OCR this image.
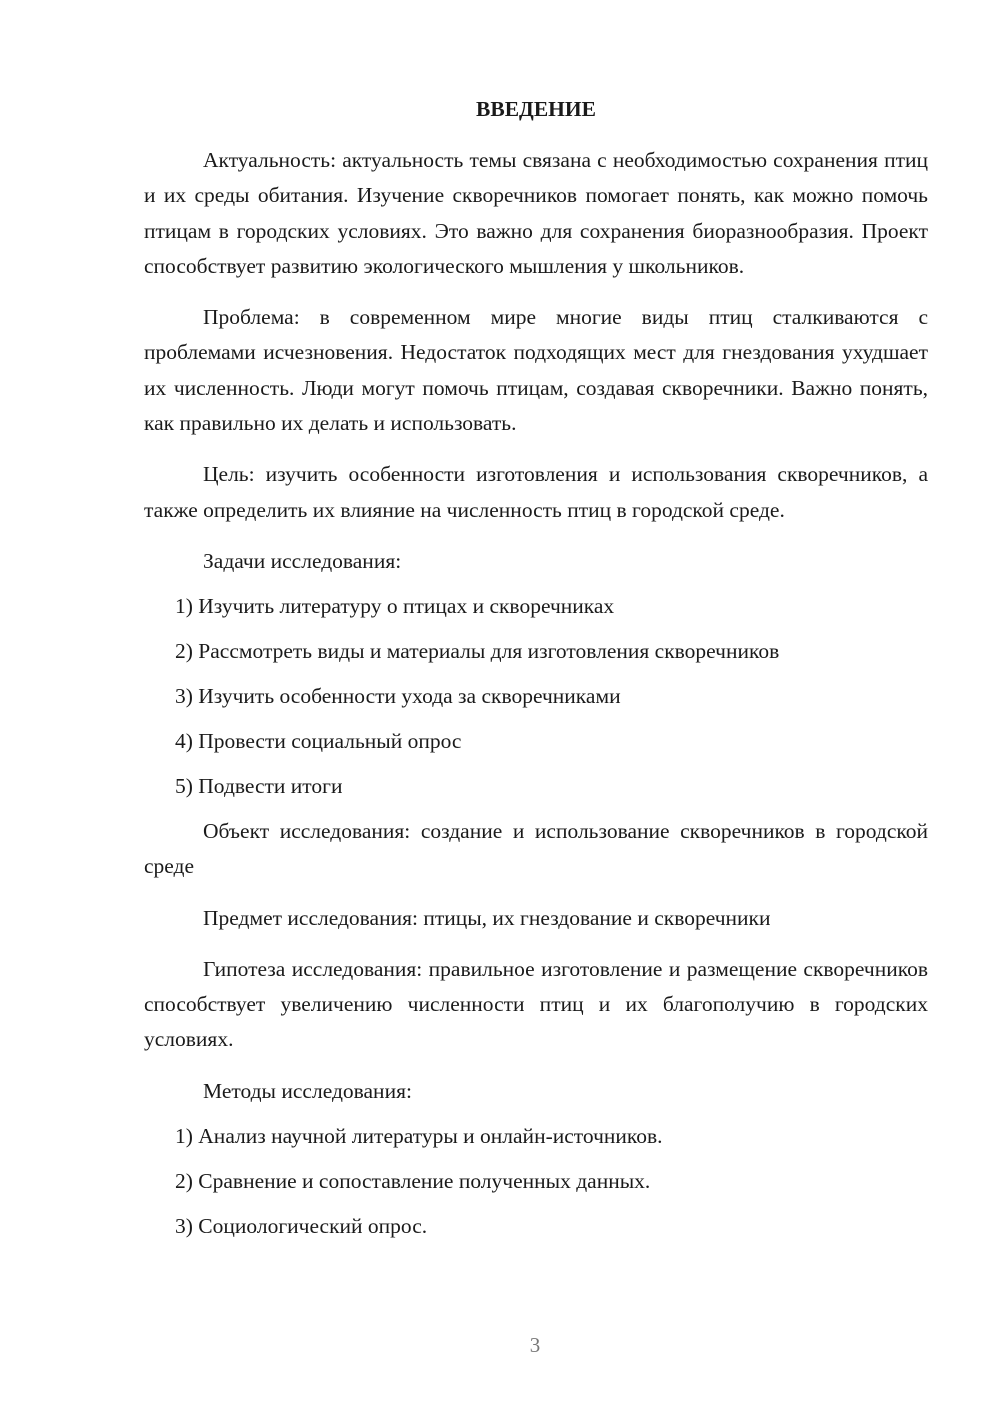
ВВЕДЕНИЕ
Актуальность: актуальность темы связана с необходимостью сохранения птиц и их среды обитания. Изучение скворечников помогает понять, как можно помочь птицам в городских условиях. Это важно для сохранения биоразнообразия. Проект способствует развитию экологического мышления у школьников.
Проблема: в современном мире многие виды птиц сталкиваются с проблемами исчезновения. Недостаток подходящих мест для гнездования ухудшает их численность. Люди могут помочь птицам, создавая скворечники. Важно понять, как правильно их делать и использовать.
Цель: изучить особенности изготовления и использования скворечников, а также определить их влияние на численность птиц в городской среде.
Задачи исследования:
1) Изучить литературу о птицах и скворечниках
2) Рассмотреть виды и материалы для изготовления скворечников
3) Изучить особенности ухода за скворечниками
4) Провести социальный опрос
5) Подвести итоги
Объект исследования: создание и использование скворечников в городской среде
Предмет исследования: птицы, их гнездование и скворечники
Гипотеза исследования: правильное изготовление и размещение скворечников способствует увеличению численности птиц и их благополучию в городских условиях.
Методы исследования:
1) Анализ научной литературы и онлайн-источников.
2) Сравнение и сопоставление полученных данных.
3) Социологический опрос.
3
